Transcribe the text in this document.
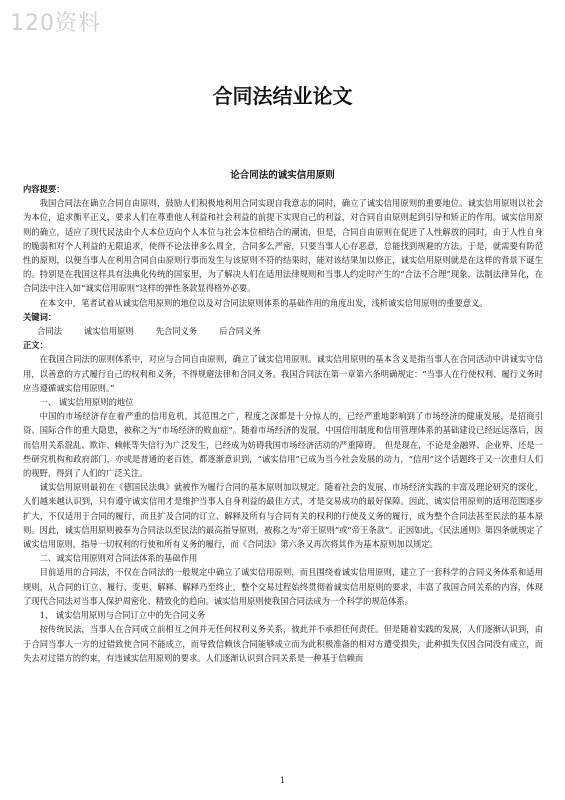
120资料
合同法结业论文
论合同法的诚实信用原则

内容提要：

我国合同法在确立合同自由原则，鼓励人们积极地利用合同实现自我意志的同时，确立了诚实信用原则的重要地位。诚实信用原则以社会为本位，追求衡平正义，要求人们在尊重他人利益和社会利益的前提下实现自己的利益，对合同自由原则起到引导和矫正的作用。诚实信用原则的确立，适应了现代民法由个人本位迈向个人本位与社会本位相结合的潮流，但是，合同自由原则在促进了人性解放的同时，由于人性自身的脆弱和对个人利益的无限追求，使得不论法律多么周全，合同多么严密，只要当事人心存恶意，总能找到规避的方法。于是，就需要有防范性的原则，以便当事人在利用合同自由原则行事而发生与该原则不符的结果时，能对该结果加以修正，诚实信用原则就是在这样的背景下诞生的。特别是在我国这样具有法典化传统的国家里，为了解决人们在适用法律规则和当事人约定时产生的“合法不合理”现象，法制法律异化，在合同法中注入如“诚实信用原则”这样的弹性条款显得格外必要。

在本文中，笔者试着从诚实信用原则的地位以及对合同法原则体系的基础作用的角度出发，浅析诚实信用原则的重要意义。

关键词：

合同法	诚实信用原则	先合同义务	后合同义务

正文：

在我国合同法的原则体系中，对应与合同自由原则，确立了诚实信用原则。诚实信用原则的基本含义是指当事人在合同活动中讲诚实守信用，以善意的方式履行自己的权利和义务，不得规避法律和合同义务。我国合同法在第一章第六条明确规定：“当事人在行使权利、履行义务时应当遵循诚实信用原则。”

一、 诚实信用原则的地位

中国的市场经济存在着严重的信用危机，其范围之广，程度之深都是十分惊人的，已经严重地影响到了市场经济的健康发展，是招商引资、国际合作的重大隐患，被称之为“市场经济的败血症”。随着市场经济的发展，中国信用制度和信用管理体系的基础建设已经远远落后，因而信用关系混乱、欺诈、赖帐等失信行为广泛发生，已经成为妨碍我国市场经济活动的严重障碍。　但是现在，不论是金融界、企业界、还是一些研究机构和政府部门，亦或是普通的老百姓，都逐渐意识到，“诚实信用”已成为当今社会发展的动力，“信用”这个话题终于又一次重归人们的视野，得到了人们的广泛关注。

诚实信用原则最初在《德国民法典》就被作为履行合同的基本原则加以规定。随着社会的发展、市场经济实践的丰富及理论研究的深化，人们越来越认识到，只有遵守诚实信用才是维护当事人自身利益的最佳方式，才是交易成功的最好保障。因此，诚实信用原则的适用范围逐步扩大，不仅适用于合同的履行，而且扩及合同的订立、解释及所有与合同有关的权利的行使及义务的履行，成为整个合同法甚至民法的基本原则。因此，诚实信用原则被奉为合同法以至民法的最高指导原则，被称之为“帝王原则”或“帝王条款”。正因如此，《民法通则》第四条就规定了诚实信用原则，指导一切权利的行使和所有义务的履行，而《合同法》第六条又再次将其作为基本原则加以规定。

二、诚实信用原则对合同法体系的基础作用

目前适用的合同法，不仅在合同法的一般规定中确立了诚实信用原则，而且围绕着诚实信用原则，建立了一套科学的合同义务体系和适用规则，从合同的订立、履行、变更、解释、解释乃至终止，整个交易过程始终贯彻着诚实信用原则的要求，丰富了我国合同关系的内容，体现了现代合同法对当事人保护周密化、精致化的趋向。诚实信用原则使我国合同法成为一个科学的规范体系。

1、 诚实信用原则与合同订立中的先合同义务

按传统民法，当事人在合同成立前相互之间并无任何权利义务关系，彼此并不承担任何责任。但是随着实践的发展，人们逐渐认识到，由于合同当事人一方的过错致使合同不能成立，而导致信赖该合同能够成立而为此积极准备的相对方遭受损失，此种损失仅因合同没有成立，而失去对过错方的约束，有违诚实信用原则的要求。人们逐渐认识到合同关系是一种基于信赖而

1
